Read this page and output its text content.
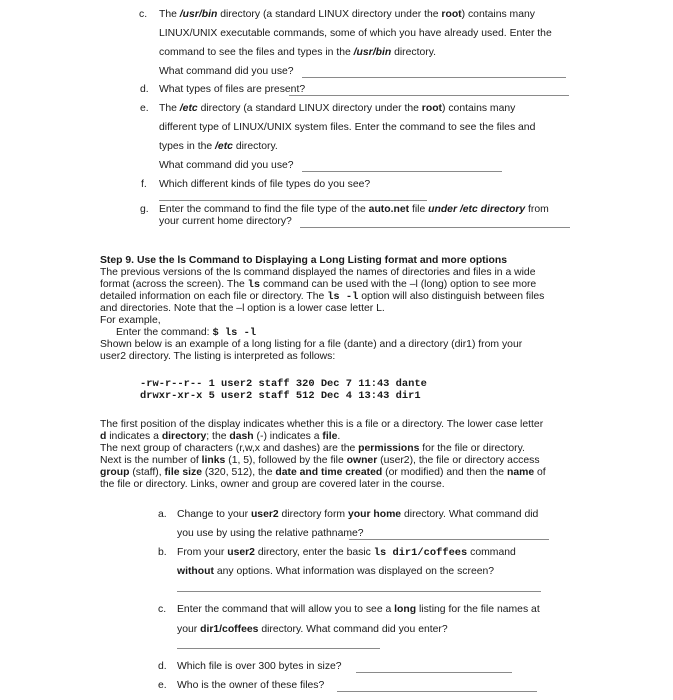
c. The /usr/bin directory (a standard LINUX directory under the root) contains many
LINUX/UNIX executable commands, some of which you have already used. Enter the
command to see the files and types in the /usr/bin directory.
What command did you use?
d. What types of files are present?
e. The /etc directory (a standard LINUX directory under the root) contains many
different type of LINUX/UNIX system files. Enter the command to see the files and
types in the /etc directory.
What command did you use?
f. Which different kinds of file types do you see?
g. Enter the command to find the file type of the auto.net file under /etc directory from
your current home directory?
Step 9. Use the ls Command to Displaying a Long Listing format and more options
The previous versions of the ls command displayed the names of directories and files in a wide
format (across the screen). The ls command can be used with the –l (long) option to see more
detailed information on each file or directory. The ls -l option will also distinguish between files
and directories. Note that the –l option is a lower case letter L.
For example,
Enter the command: $ ls -l
Shown below is an example of a long listing for a file (dante) and a directory (dir1) from your
user2 directory. The listing is interpreted as follows:
-rw-r--r-- 1 user2 staff 320 Dec 7 11:43 dante
drwxr-xr-x 5 user2 staff 512 Dec 4 13:43 dir1
The first position of the display indicates whether this is a file or a directory. The lower case letter
d indicates a directory; the dash (-) indicates a file.
The next group of characters (r,w,x and dashes) are the permissions for the file or directory.
Next is the number of links (1, 5), followed by the file owner (user2), the file or directory access
group (staff), file size (320, 512), the date and time created (or modified) and then the name of
the file or directory. Links, owner and group are covered later in the course.
a. Change to your user2 directory form your home directory. What command did
you use by using the relative pathname?
b. From your user2 directory, enter the basic ls dir1/coffees command
without any options. What information was displayed on the screen?
c. Enter the command that will allow you to see a long listing for the file names at
your dir1/coffees directory. What command did you enter?
d. Which file is over 300 bytes in size?
e. Who is the owner of these files?
